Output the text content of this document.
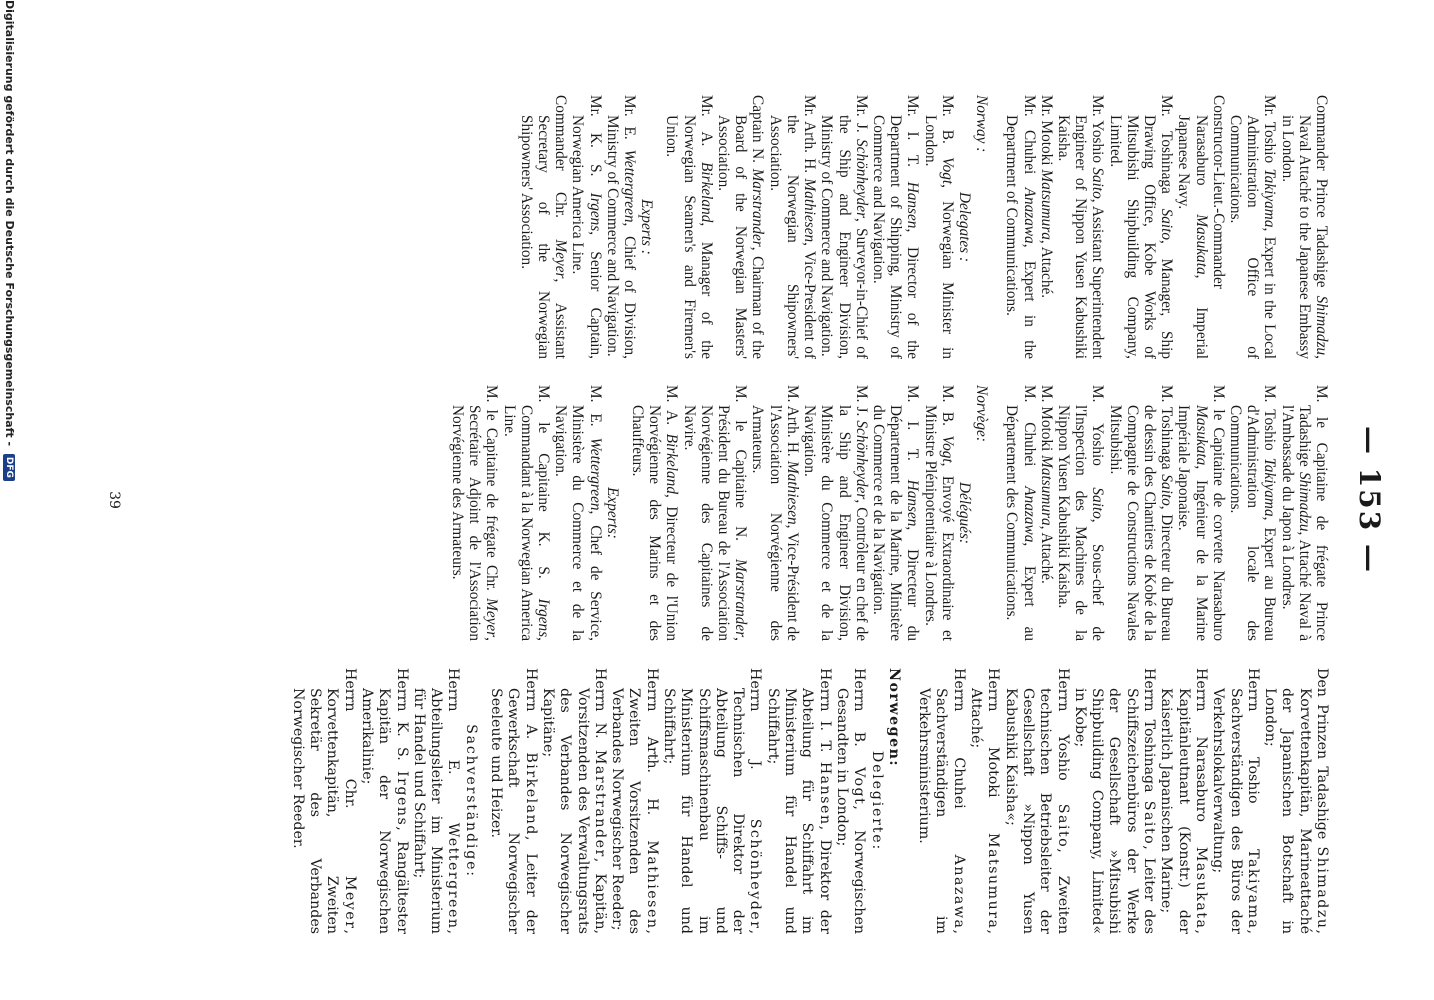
— 153 —

Commander Prince Tadashige Shimadzu, Naval Attaché to the Japanese Embassy in London.

Mr. Toshio Takiyama, Expert in the Local Administration Office of Communications.

Constructor-Lieut.-Commander Narasaburo Masukata, Imperial Japanese Navy.

Mr. Toshinaga Saito, Manager, Ship Drawing Office, Kobe Works of Mitsubishi Shipbuilding Company, Limited.

Mr. Yoshio Saito, Assistant Superintendent Engineer of Nippon Yusen Kabushiki Kaisha.

Mr. Motoki Matsumura, Attaché.

Mr. Chuhei Anazawa, Expert in the Department of Communications.

Norway :

Delegates :

Mr. B. Vogt, Norwegian Minister in London.

Mr. I. T. Hansen, Director of the Department of Shipping, Ministry of Commerce and Navigation.

Mr. J. Schönheyder, Surveyor-in-Chief of the Ship and Engineer Division, Ministry of Commerce and Navigation.

Mr. Arth. H. Mathiesen, Vice-President of the Norwegian Shipowners' Association.

Captain N. Marstrander, Chairman of the Board of the Norwegian Masters' Association.

Mr. A. Birkeland, Manager of the Norwegian Seamen's and Firemen's Union.

Experts :

Mr. E. Wettergreen, Chief of Division, Ministry of Commerce and Navigation.

Mr. K. S. Irgens, Senior Captain, Norwegian America Line.

Commander Chr. Meyer, Assistant Secretary of the Norwegian Shipowners' Association.

M. le Capitaine de frégate Prince Tadashige Shimadzu, Attaché Naval à l'Ambassade du Japon à Londres.

M. Toshio Takiyama, Expert au Bureau d'Administration locale des Communications.

M. le Capitaine de corvette Narasaburo Masukata, Ingénieur de la Marine Impériale Japonaise.

M. Toshinaga Saito, Directeur du Bureau de dessin des Chantiers de Kobé de la Compagnie de Constructions Navales Mitsubishi.

M. Yoshio Saito, Sous-chef de l'Inspection des Machines de la Nippon Yusen Kabushiki Kaisha.

M. Motoki Matsumura, Attaché.

M. Chuhei Anazawa, Expert au Département des Communications.

Norvège:

Délégués:

M. B. Vogt, Envoyé Extraordinaire et Ministre Plénipotentiaire à Londres.

M. I. T. Hansen, Directeur du Département de la Marine, Ministère du Commerce et de la Navigation.

M. J. Schönheyder, Contrôleur en chef de la Ship and Engineer Division, Ministère du Commerce et de la Navigation.

M. Arth. H. Mathiesen, Vice-Président de l'Association Norvégienne des Armateurs.

M. le Capitaine N. Marstrander, Président du Bureau de l'Association Norvégienne des Capitaines de Navire.

M. A. Birkeland, Directeur de l'Union Norvégienne des Marins et des Chauffeurs.

Experts:

M. E. Wettergreen, Chef de Service, Ministère du Commerce et de la Navigation.

M. le Capitaine K. S. Irgens, Commandant à la Norwegian America Line.

M. le Capitaine de frégate Chr. Meyer, Secrétaire Adjoint de l'Association Norvégienne des Armateurs.

Den Prinzen Tadashige Shimadzu, Korvettenkapitän, Marineattaché der Japanischen Botschaft in London;

Herrn Toshio Takiyama, Sachverständigen des Büros der Verkehrslokalverwaltung;

Herrn Narasaburo Masukata, Kapitänleutnant (Konstr.) der Kaiserlich Japanischen Marine;

Herrn Toshinaga Saito, Leiter des Schiffszeichenbüros der Werke der Gesellschaft »Mitsubishi Shipbuilding Company, Limited« in Kobe;

Herrn Yoshio Saito, Zweiten technischen Betriebsleiter der Gesellschaft »Nippon Yusen Kabushiki Kaisha«;

Herrn Motoki Matsumura, Attaché;

Herrn Chuhei Anazawa, Sachverständigen im Verkehrsministerium.

Norwegen:

Delegierte:

Herrn B. Vogt, Norwegischen Gesandten in London;

Herrn I. T. Hansen, Direktor der Abteilung für Schiffahrt im Ministerium für Handel und Schiffahrt;

Herrn J. Schönheyder, Technischen Direktor der Abteilung Schiffs- und Schiffsmaschinenbau im Ministerium für Handel und Schiffahrt;

Herrn Arth. H. Mathiesen, Zweiten Vorsitzenden des Verbandes Norwegischer Reeder;

Herrn N. Marstrander, Kapitän, Vorsitzenden des Verwaltungsrats des Verbandes Norwegischer Kapitäne;

Herrn A. Birkeland, Leiter der Gewerkschaft Norwegischer Seeleute und Heizer.

Sachverständige:

Herrn E. Wettergreen, Abteilungsleiter im Ministerium für Handel und Schiffahrt;

Herrn K. S. Irgens, Rangältester Kapitän der Norwegischen Amerikalinie;

Herrn Chr. Meyer, Korvettenkapitän, Zweiten Sekretär des Verbandes Norwegischer Reeder.

39
Digitalisierung gefördert durch die Deutsche Forschungsgemeinschaft - DFG
